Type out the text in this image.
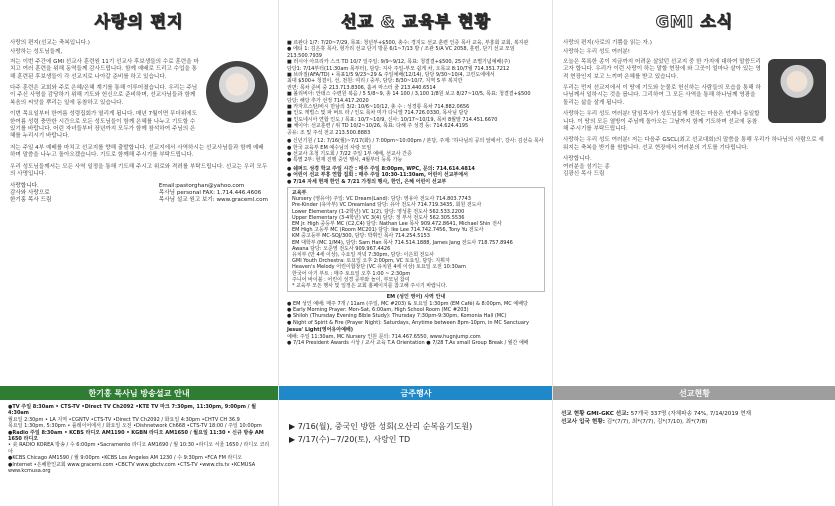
사랑의 편지

사랑의 편지(선교는 축복입니다.)

사랑하는 성도님들께,

저는 이번 주간에 GMI 선교사 훈련원 11기 선교사 후보생들의 수료 훈련을 마치고 여러 훈련을 위해 동역들께 감사드립니다. 함께 예배로 드리고 수업을 통해 훈련된 후보생들이 각 선교지로 나아갈 준비를 하고 있습니다.

다주 훈련은 교회와 주로 은혜/은혜 계기를 통해 이루어졌습니다. 우리는 주님이 주신 사명을 감당하기 위해 기도와 헌신으로 준비하며, 선교사님들과 함께 복음의 씨앗을 뿌리는 일에 동참하고 있습니다.

이번 목요일부터 한여름 성령집회가 열리게 됩니다. 매년 7월이면 무더위에도 한여름 성령 충만한 시간으로 모든 성도님들이 함께 은혜를 나누고 기도할 수 있기를 바랍니다. 어린 자녀들부터 장년까지 모두가 함께 참석하여 주님의 은혜를 누리시기 바랍니다.

저는 주일 4부 예배를 마치고 선교지를 향해 출발합니다. 선교지에서 사역하시는 선교사님들과 함께 예배하며 말씀을 나누고 돌아오겠습니다. 기도로 함께해 주시기를 부탁드립니다.

우리 성도님들께서는 모든 사역 일정을 통해 기도해 주시고 위로와 격려를 부탁드립니다. 선교는 우리 모두의 사명입니다.

사랑합니다.

감사와 사랑으로

한기홍 목사 드림

Email:pastorghan@yahoo.com

목사님 personal FAX: 1.714.446.4606

목사님 설교 원고 보기: www.graceml.com

한기홍 목사님 방송설교 안내

●TV 주일 8:30am • CTS-TV •Direct TV Ch2092 •KTE TV 마크 7:30pm, 11:30pm, 9:00pm / 월 4:30am

월요일 2:30pm • LA 지역 •CGNTV •CTS-TV •Direct TV Ch2092 / 화요일 4:30pm •CHTV CH 36.9

목요일 1:30pm, 5:30pm • 플레이어에서 / 화요일 오전 •Dishnetwork Ch668 •CTS-TV 18:00 / 주일 10:00pm

●Radio 주일 8:30am • KCBS 라디오 AM1190 • KGBN 라디오 AM1650 / 월요일 11:30 • 신규 방송 AM 1650 라디오

• 美 RADIO KOREA 방송 / 수 6:00pm •Sacramento 라디오 AM1690 / 월 10:30 •라디오 서울 1650 / 라디오 코리아

●KCBS Chicago AM1590 / 월 9:00pm •KCBS Los Angeles AM 1230 / 수 9:30pm •FCA FM 라디오

●Internet •은혜한인교회 www.gracemi.com •CBCTV www.gbctv.com •CTS-TV •www.cts.tv •KCMUSA www.kcmusa.org

선교 & 교육부 현황

■ 르완다 1/7: 7/20~7/29, 목표: 청년부+$500, 총수: 경지도 선교 훈련 인증 목사 교육, 부흥회 교회, 복지관

● 에티 1: 김은휴 목사, 헝가리 선교 단기 방문 6/1~7/13 방 / 조관 5/A VC 2058, 훈련, 단기 선교 모임 213.500.7939

■ 러시아 아프리카 스크 TD 10/7 일주일: 9/9~9/12, 목표: 청결결+$500, 25주년 조별기념예배(주)

담당1: 7/14부터(11:30am 목부터), 담당: 지사 주일-부모 쉽게 차, 오목교 8:10/7월 714.351.7212

■ 브라질(AFA/TD) • 목표1/5 9/23~29 & 주일예배(12/14), 담당 9/30~10/4, 고린도에에서

최대 $500+ 청결이, 선, 천원: 여리 / 중부, 담당: 8/30~10/7, 지역 S 부 복지만

권면: 목차 준비 중 213.713.8306, 홀씨 마스터 줄 213.440.6514

■ 볼리비아: 안데스 수련원 복음 / 5 5/8~9, 총 14 100 / 3,100 1/8원 보고 8/27~10/5, 목표: 청결결+$500

담당: 해당 추가 선정 714.417.2020

■ 카자흐스탄/비시 만남의 3/2: 10/6~10/12, 총 수 : 성경통 목차 714.882.0656

■ 인도 캐벌스 및 파 버트 라 / 인도 목차 미가 다니엘 714.726.0330, 목사님 담당

■ 인도네시아 연합 인도 / 목표: 10/7~10/9, 신사: 10/17~10/19, 목차 8월말 714.451.6670

■ 체이아: 선교훈련 / 위 TD 10/2~10/26, 목표: 다해 주 성경 등: 714.624.4195

공유: 조 및 주석 전교 213.500.8883

● 신년기원 / 12: 7/16(월)~7/17(화) / 7:00pm~10:00pm / 본당, 주제: '하나님의 공의 앞에서', 강사: 김선숙 목사

● 한국 교육부 EM 예수님의 사랑 모임

● 선교사 초청 기도회 / 7/22 주일 1부 예배, 선교사 간증

● 특별 2부: 현재 진행 중인 행사, 4월부터 등록 가능

● 쉐퍼드 성경 학교 주일 시간 : 매주 주일 8:00pm, WPC, 문의: 714.614.4814

● 어린이 선교 부흥 연합 집회 : 매주 주일 10:30-11:30am, 어린이 선교부에서

● 7/14 자세 현재 한인 & 7/21 가정의 행사, 한인, 은혜 어린이 선교부

교육부

Nursery (영유아) 주일: VC Dream(Land): 담당: 영유아 전도사 714.803.7743

Pre-Kinder (유아부) VC Dreamland 담당: 유아 전도사 714.719.3435, 회원 전도사

Lower Elementary (1-2학년) VC 1(2), 담당: 영성훈 전도사 562.533.2200

Upper Elementary (3-4학년) VC 3(4) 담당: 정 부서 전도사 562.305.5536

EM Jr. High 중등부 MC (C2,C4) 담당: Nathan Lee 목사 909.472.8641, Michael Shin 전사

EM High 고등부 MC (Room MC201) 담당: Ike Lee 714.742.7456, Tony Yu 전도사

KM 중고등부 MC-SOJ/300, 담당: 박휘인 목사 714.254.5153

EM 대학부 (MC 1/M4), 담당: Sam Han 목사 714.514.1888, James Jang 전도사 718.757.8946

Awana 담당: 오준영 전도사 909.967.4426

유치부 (만 4세 이상), 수요일 저녁 7:30pm, 담당: 이은희 전도사

GMI Youth Orchestra: 토요일 오후 2:00pm, VC 토요일, 담당: 지휘자

Heaven's Melody 어린이합창단 (VC 유치원 4세 이상) 토요일 오전 10:30am

한국어 아기 부트 : 매주 토요일 오후 1:00 ~ 2:30pm

주니어 바이블 : 어린이 성경 공부와 놀이, 부모님 참여

* 교육부 모든 행사 및 일정은 교회 홈페이지를 참고해 주시기 바랍니다.

EM (성인 영어) 사역 안내

● EM 성인 예배: 매주 7개 / 11am (주일, MC #203) & 토요일 1:30pm (EM Café) & 8:00pm, MC 예배당

● Early Morning Prayer: Mon-Sat, 6:00am, High School Room (MC #203)

● Shiloh (Thursday Evening Bible Study): Thursday 7:30pm-9:30pm, Komonia Hall (MC)

● Night of Spirit & Fire (Prayer Night): Saturdays, Anytime between 8pm-10pm, in MC Sanctuary

Jesus' Light(영어유아예배)

예배: 주일 11:30am, MC Nursery 인원 문의: 714.467.6550, www.hugnjump.com

● 7/14 President Awards 시상 / 교사 교육 T.A Orientation ● 7/28 T.As small Group Break / 월간 예배

금주행사
▶ 7/16(월), 중국인 방한 성회(오산리 순복음기도원)
▶ 7/17(수)~7/20(토), 사랑인 TD
GMI 소식

사랑의 편지(사로의 기쁨을 읽는 자.)

사랑하는 우리 성도 여러분!

오늘은 목록한 종이 지금까지 어려운 살았던 선교지 중 한 가지에 대하여 말씀드리고자 합니다. 우리가 이런 사랑이 하는 말할 현장에 와 그곳이 얼마나 살아 있는 영적 현장인지 보고 느끼며 은혜를 받고 있습니다.

우리는 먼저 선교지에서 이 땅에 기도와 눈물로 헌신하는 사람들의 모습을 통해 하나님께서 일하시는 것을 봅니다. 그리하여 그 모든 사역을 통해 하나님께 영광을 돌리는 삶을 살게 됩니다.

사랑하는 우리 성도 여러분! 담임목사가 성도님들께 전하는 마음은 언제나 동일합니다. 이 땅의 모든 열방이 주님께 돌아오는 그날까지 함께 기도하며 선교에 동참해 주시기를 부탁드립니다.

사랑하는 우리 성도 여러분! 저는 다음주 GSCL(최고 선교대회)의 말씀을 통해 우리가 하나님의 사람으로 세워지는 축복을 받기를 원합니다. 선교 현장에서 여러분의 기도를 기다립니다.

사랑합니다.

여러분을 섬기는 종

김광신 목사 드림

선교현황

선교 현황 GMI-GKC 선교: 57개국 337명 (자체파송 74%, 7/14/2019 현재

선교사 입국 현황: 김*(7/7), 최*(7/7), 김*(7/10), 최*(7/8)
